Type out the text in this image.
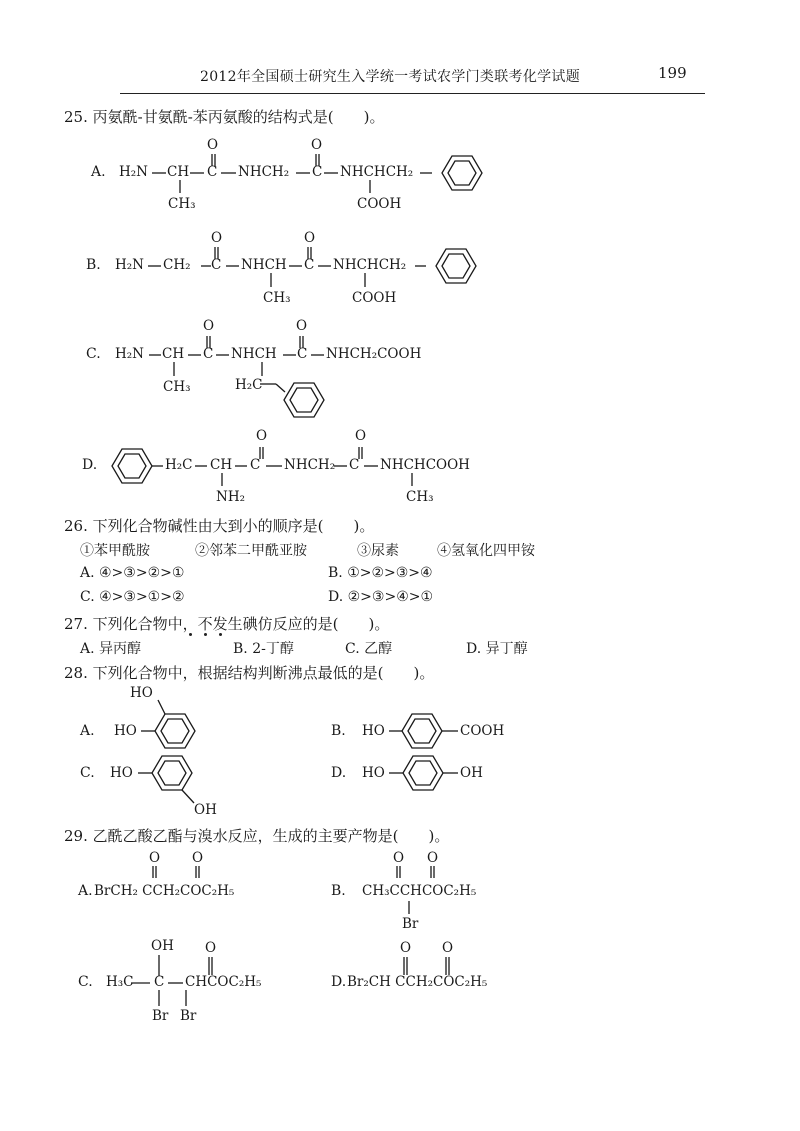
2012年全国硕士研究生入学统一考试农学门类联考化学试题	199
25. 丙氨酰-甘氨酰-苯丙氨酸的结构式是(　　)。
A. H₂N CH C NHCH₂ C NHCHCH₂
CH₃	COOH
O	O
B. H₂N CH₂ C NHCH C NHCHCH₂
CH₃	COOH
O	O
C. H₂N CH C NHCH C NHCH₂COOH
CH₃	H₂C
O	O
D.	H₂C CH C NHCH₂ C NHCHCOOH
NH₂	CH₃
O	O
26. 下列化合物碱性由大到小的顺序是(　　)。
①苯甲酰胺	②邻苯二甲酰亚胺	③尿素	④氢氧化四甲铵
A. ④>③>②>①	B. ①>②>③>④
C. ④>③>①>②	D. ②>③>④>①
27. 下列化合物中，不发生碘仿反应的是(　　)。
A. 异丙醇	B. 2-丁醇	C. 乙醇	D. 异丁醇
28. 下列化合物中，根据结构判断沸点最低的是(　　)。
A.
HO
HO	B. HO	COOH
C. HO
OH
D. HO	OH
29. 乙酰乙酸乙酯与溴水反应，生成的主要产物是(　　)。
A. BrCH₂ CCH₂COC₂H₅
O O
B. CH₃CCHCOC₂H₅
Br
O O
C. H₃C C CHCOC₂H₅
OH O
Br Br
D. Br₂CH CCH₂COC₂H₅
O O
